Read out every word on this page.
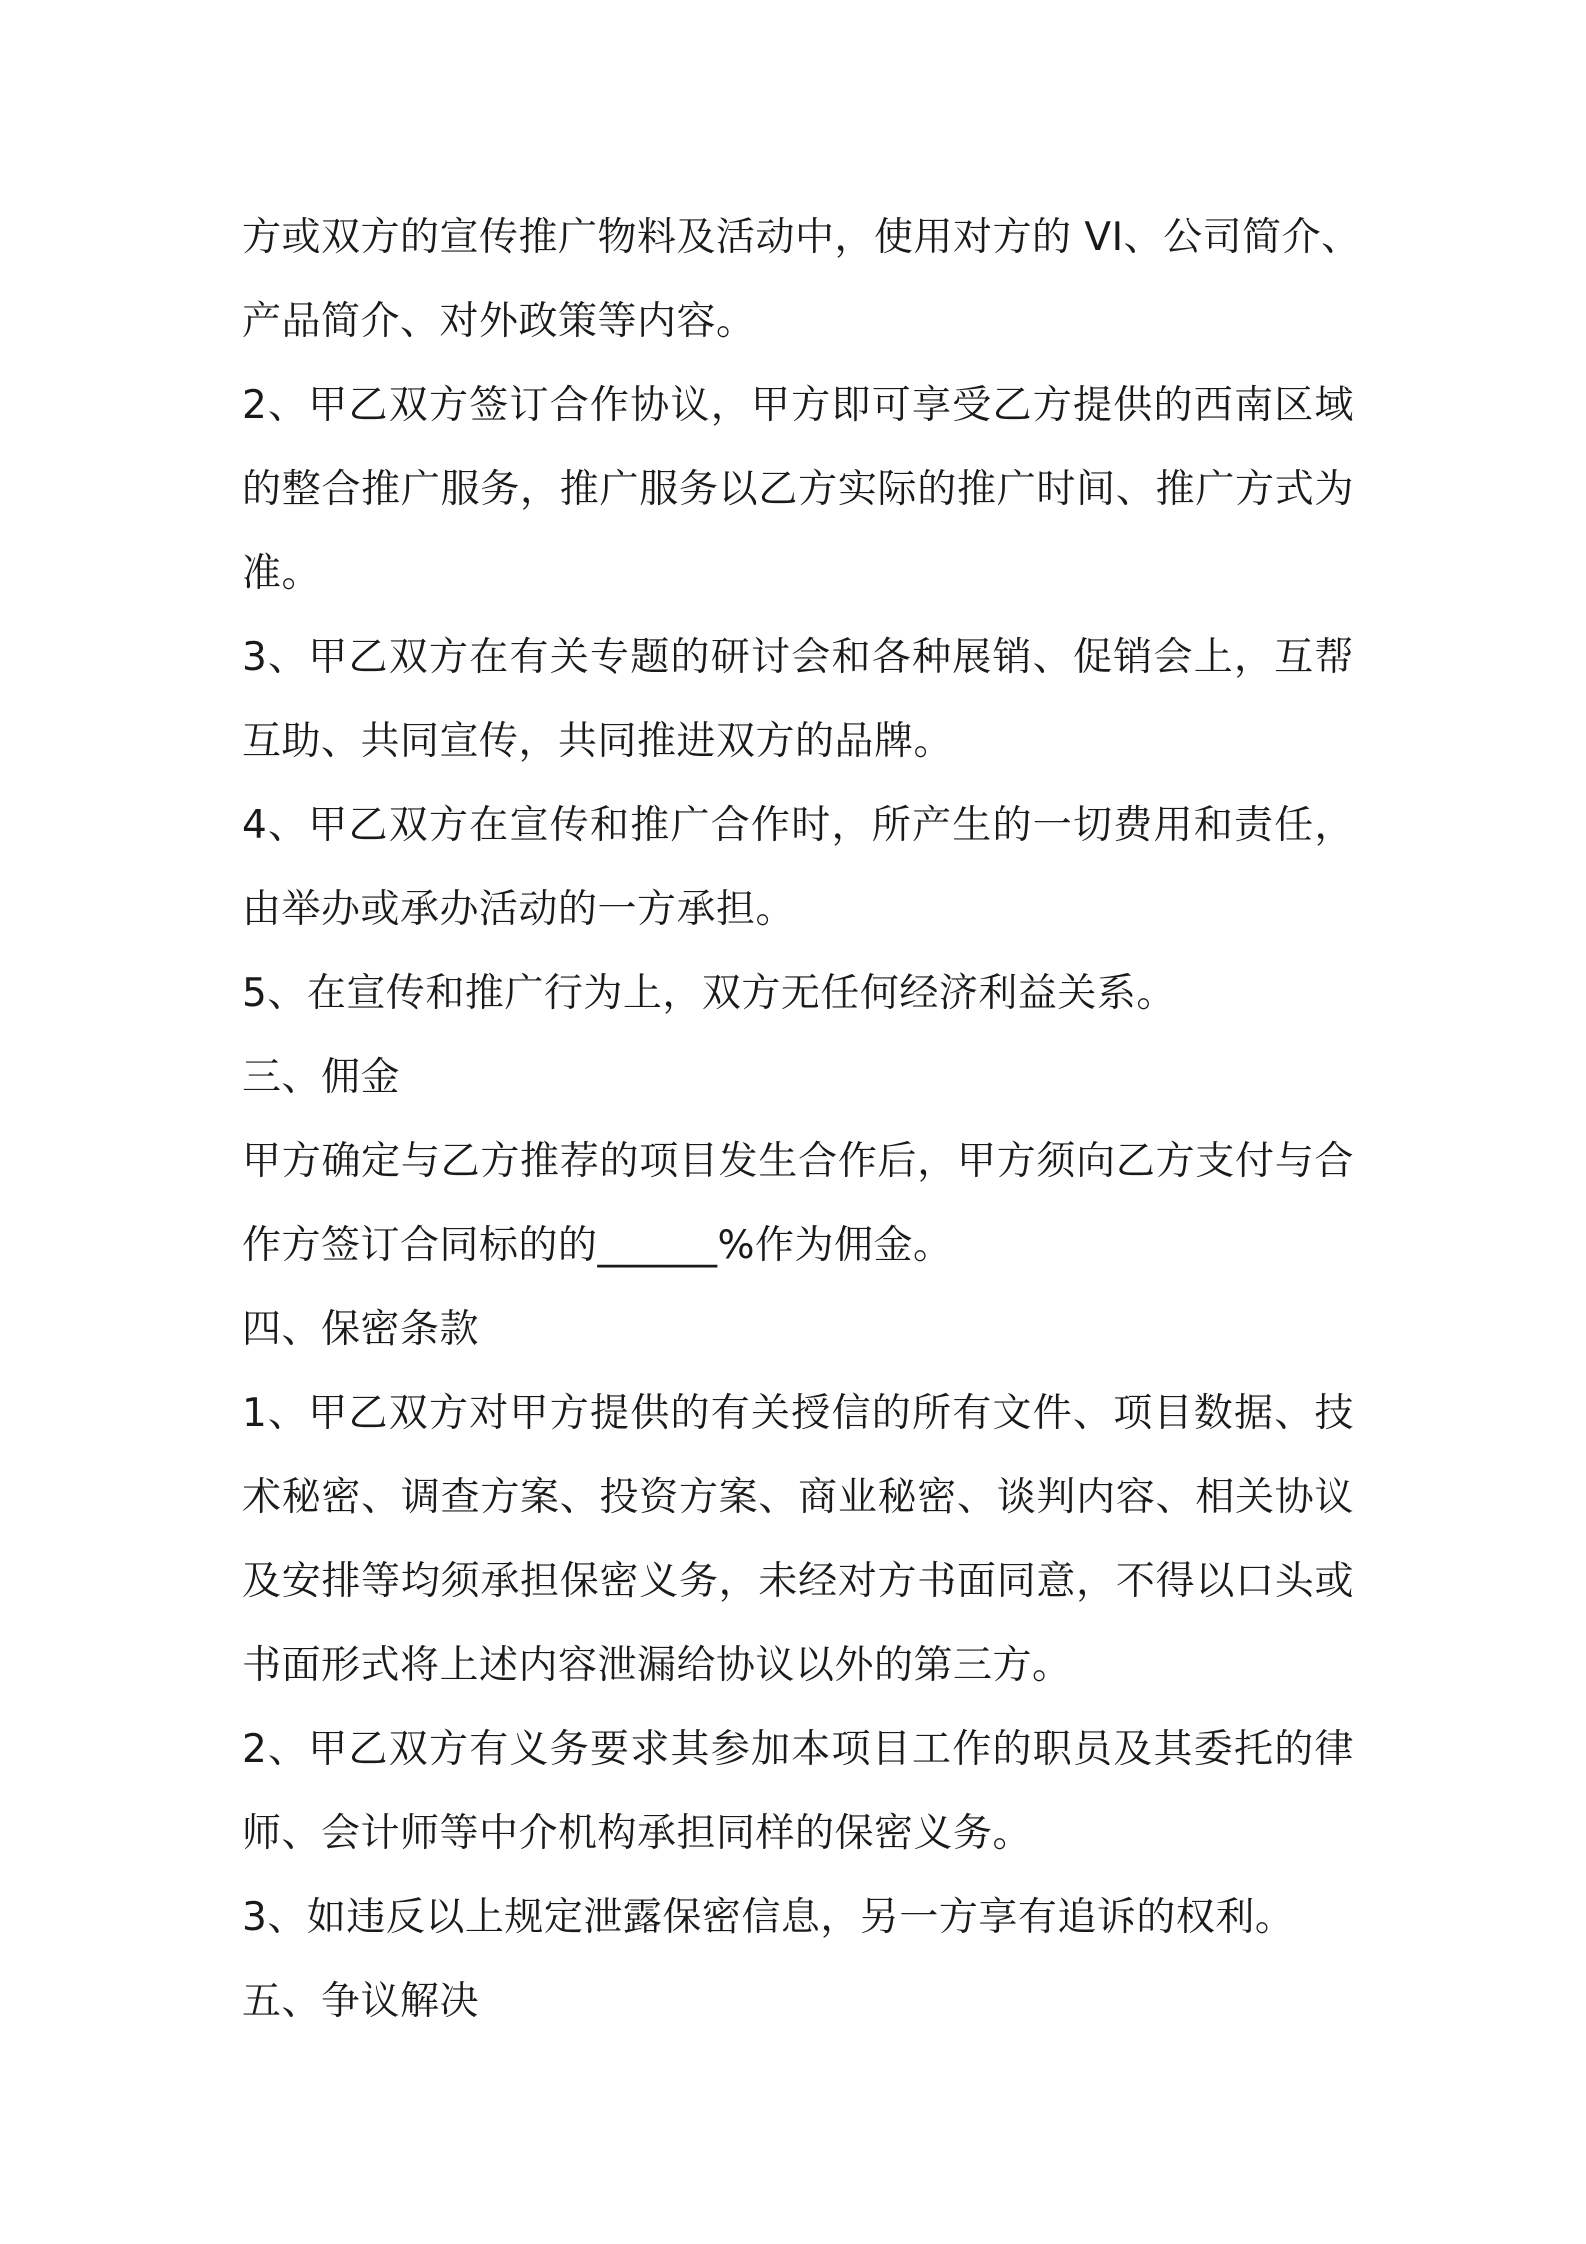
方或双方的宣传推广物料及活动中，使用对方的 VI、公司简介、
产品简介、对外政策等内容。
2、甲乙双方签订合作协议，甲方即可享受乙方提供的西南区域
的整合推广服务，推广服务以乙方实际的推广时间、推广方式为
准。
3、甲乙双方在有关专题的研讨会和各种展销、促销会上，互帮
互助、共同宣传，共同推进双方的品牌。
4、甲乙双方在宣传和推广合作时，所产生的一切费用和责任，
由举办或承办活动的一方承担。
5、在宣传和推广行为上，双方无任何经济利益关系。
三、佣金
甲方确定与乙方推荐的项目发生合作后，甲方须向乙方支付与合
作方签订合同标的的______%作为佣金。
四、保密条款
1、甲乙双方对甲方提供的有关授信的所有文件、项目数据、技
术秘密、调查方案、投资方案、商业秘密、谈判内容、相关协议
及安排等均须承担保密义务，未经对方书面同意，不得以口头或
书面形式将上述内容泄漏给协议以外的第三方。
2、甲乙双方有义务要求其参加本项目工作的职员及其委托的律
师、会计师等中介机构承担同样的保密义务。
3、如违反以上规定泄露保密信息，另一方享有追诉的权利。
五、争议解决
